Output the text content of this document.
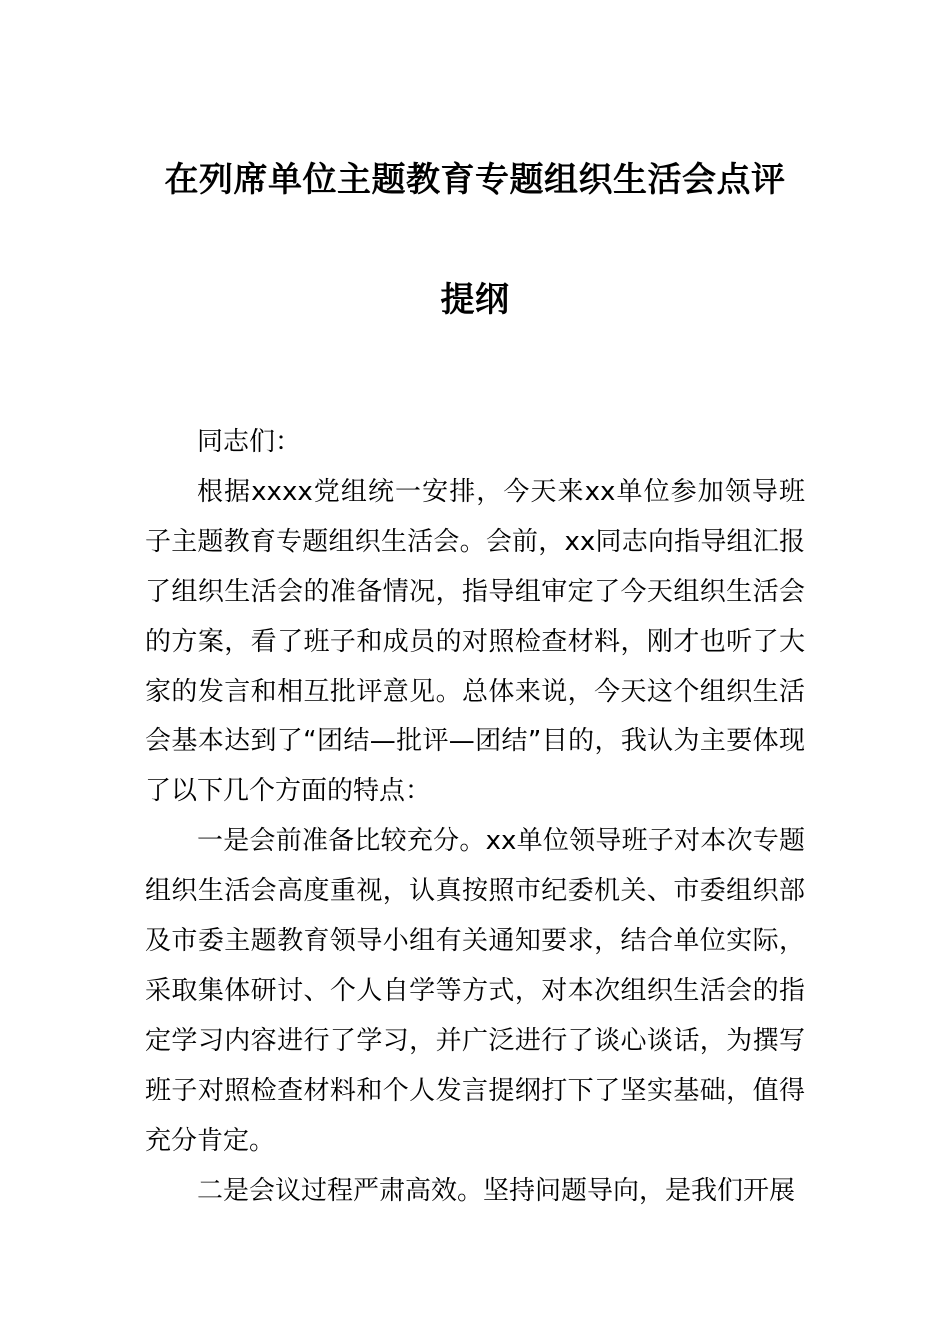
在列席单位主题教育专题组织生活会点评
提纲

同志们：

根据xxxx党组统一安排，今天来xx单位参加领导班子主题教育专题组织生活会。会前，xx同志向指导组汇报了组织生活会的准备情况，指导组审定了今天组织生活会的方案，看了班子和成员的对照检查材料，刚才也听了大家的发言和相互批评意见。总体来说，今天这个组织生活会基本达到了“团结—批评—团结”目的，我认为主要体现了以下几个方面的特点：

一是会前准备比较充分。xx单位领导班子对本次专题组织生活会高度重视，认真按照市纪委机关、市委组织部及市委主题教育领导小组有关通知要求，结合单位实际，采取集体研讨、个人自学等方式，对本次组织生活会的指定学习内容进行了学习，并广泛进行了谈心谈话，为撰写班子对照检查材料和个人发言提纲打下了坚实基础，值得充分肯定。

二是会议过程严肃高效。坚持问题导向，是我们开展
